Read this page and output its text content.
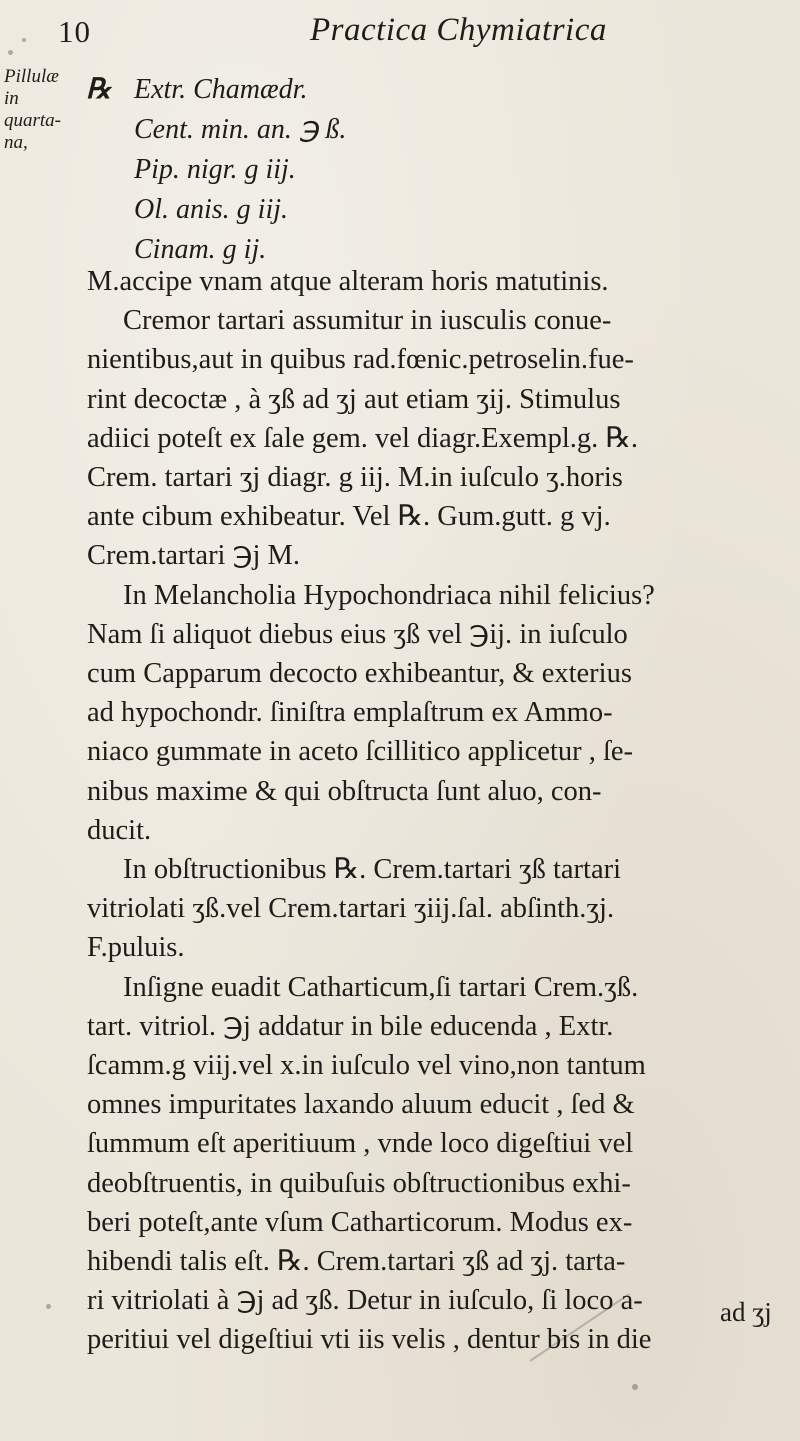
10	Practica Chymiatrica
Pillulæ in
quarta-
na,
℞ Extr. Chamædr.
Cent. min. an. ℈ ß.
Pip. nigr. g iij.
Ol. anis. g iij.
Cinam. g ij.
M.accipe vnam atque alteram horis matutinis.
Cremor tartari assumitur in iusculis conue-
nientibus,aut in quibus rad.fœnic.petroselin.fue-
rint decoctæ , à ʒß ad ʒj aut etiam ʒij. Stimulus
adiici poteſt ex ſale gem. vel diagr.Exempl.g. ℞.
Crem. tartari ʒj diagr. g iij. M.in iuſculo ʒ.horis
ante cibum exhibeatur. Vel ℞. Gum.gutt. g vj.
Crem.tartari ℈j M.
In Melancholia Hypochondriaca nihil felicius?
Nam ſi aliquot diebus eius ʒß vel ℈ij. in iuſculo
cum Capparum decocto exhibeantur, & exterius
ad hypochondr. ſiniſtra emplaſtrum ex Ammo-
niaco gummate in aceto ſcillitico applicetur , ſe-
nibus maxime & qui obſtructa ſunt aluo, con-
ducit.
In obſtructionibus ℞. Crem.tartari ʒß tartari
vitriolati ʒß.vel Crem.tartari ʒiij.ſal. abſinth.ʒj.
F.puluis.
Inſigne euadit Catharticum,ſi tartari Crem.ʒß.
tart. vitriol. ℈j addatur in bile educenda , Extr.
ſcamm.g viij.vel x.in iuſculo vel vino,non tantum
omnes impuritates laxando aluum educit , ſed &
ſummum eſt aperitiuum , vnde loco digeſtiui vel
deobſtruentis, in quibuſuis obſtructionibus exhi-
beri poteſt,ante vſum Catharticorum. Modus ex-
hibendi talis eſt. ℞. Crem.tartari ʒß ad ʒj. tarta-
ri vitriolati à ℈j ad ʒß. Detur in iuſculo, ſi loco a-
peritiui vel digeſtiui vti iis velis , dentur bis in die
ad ʒj
